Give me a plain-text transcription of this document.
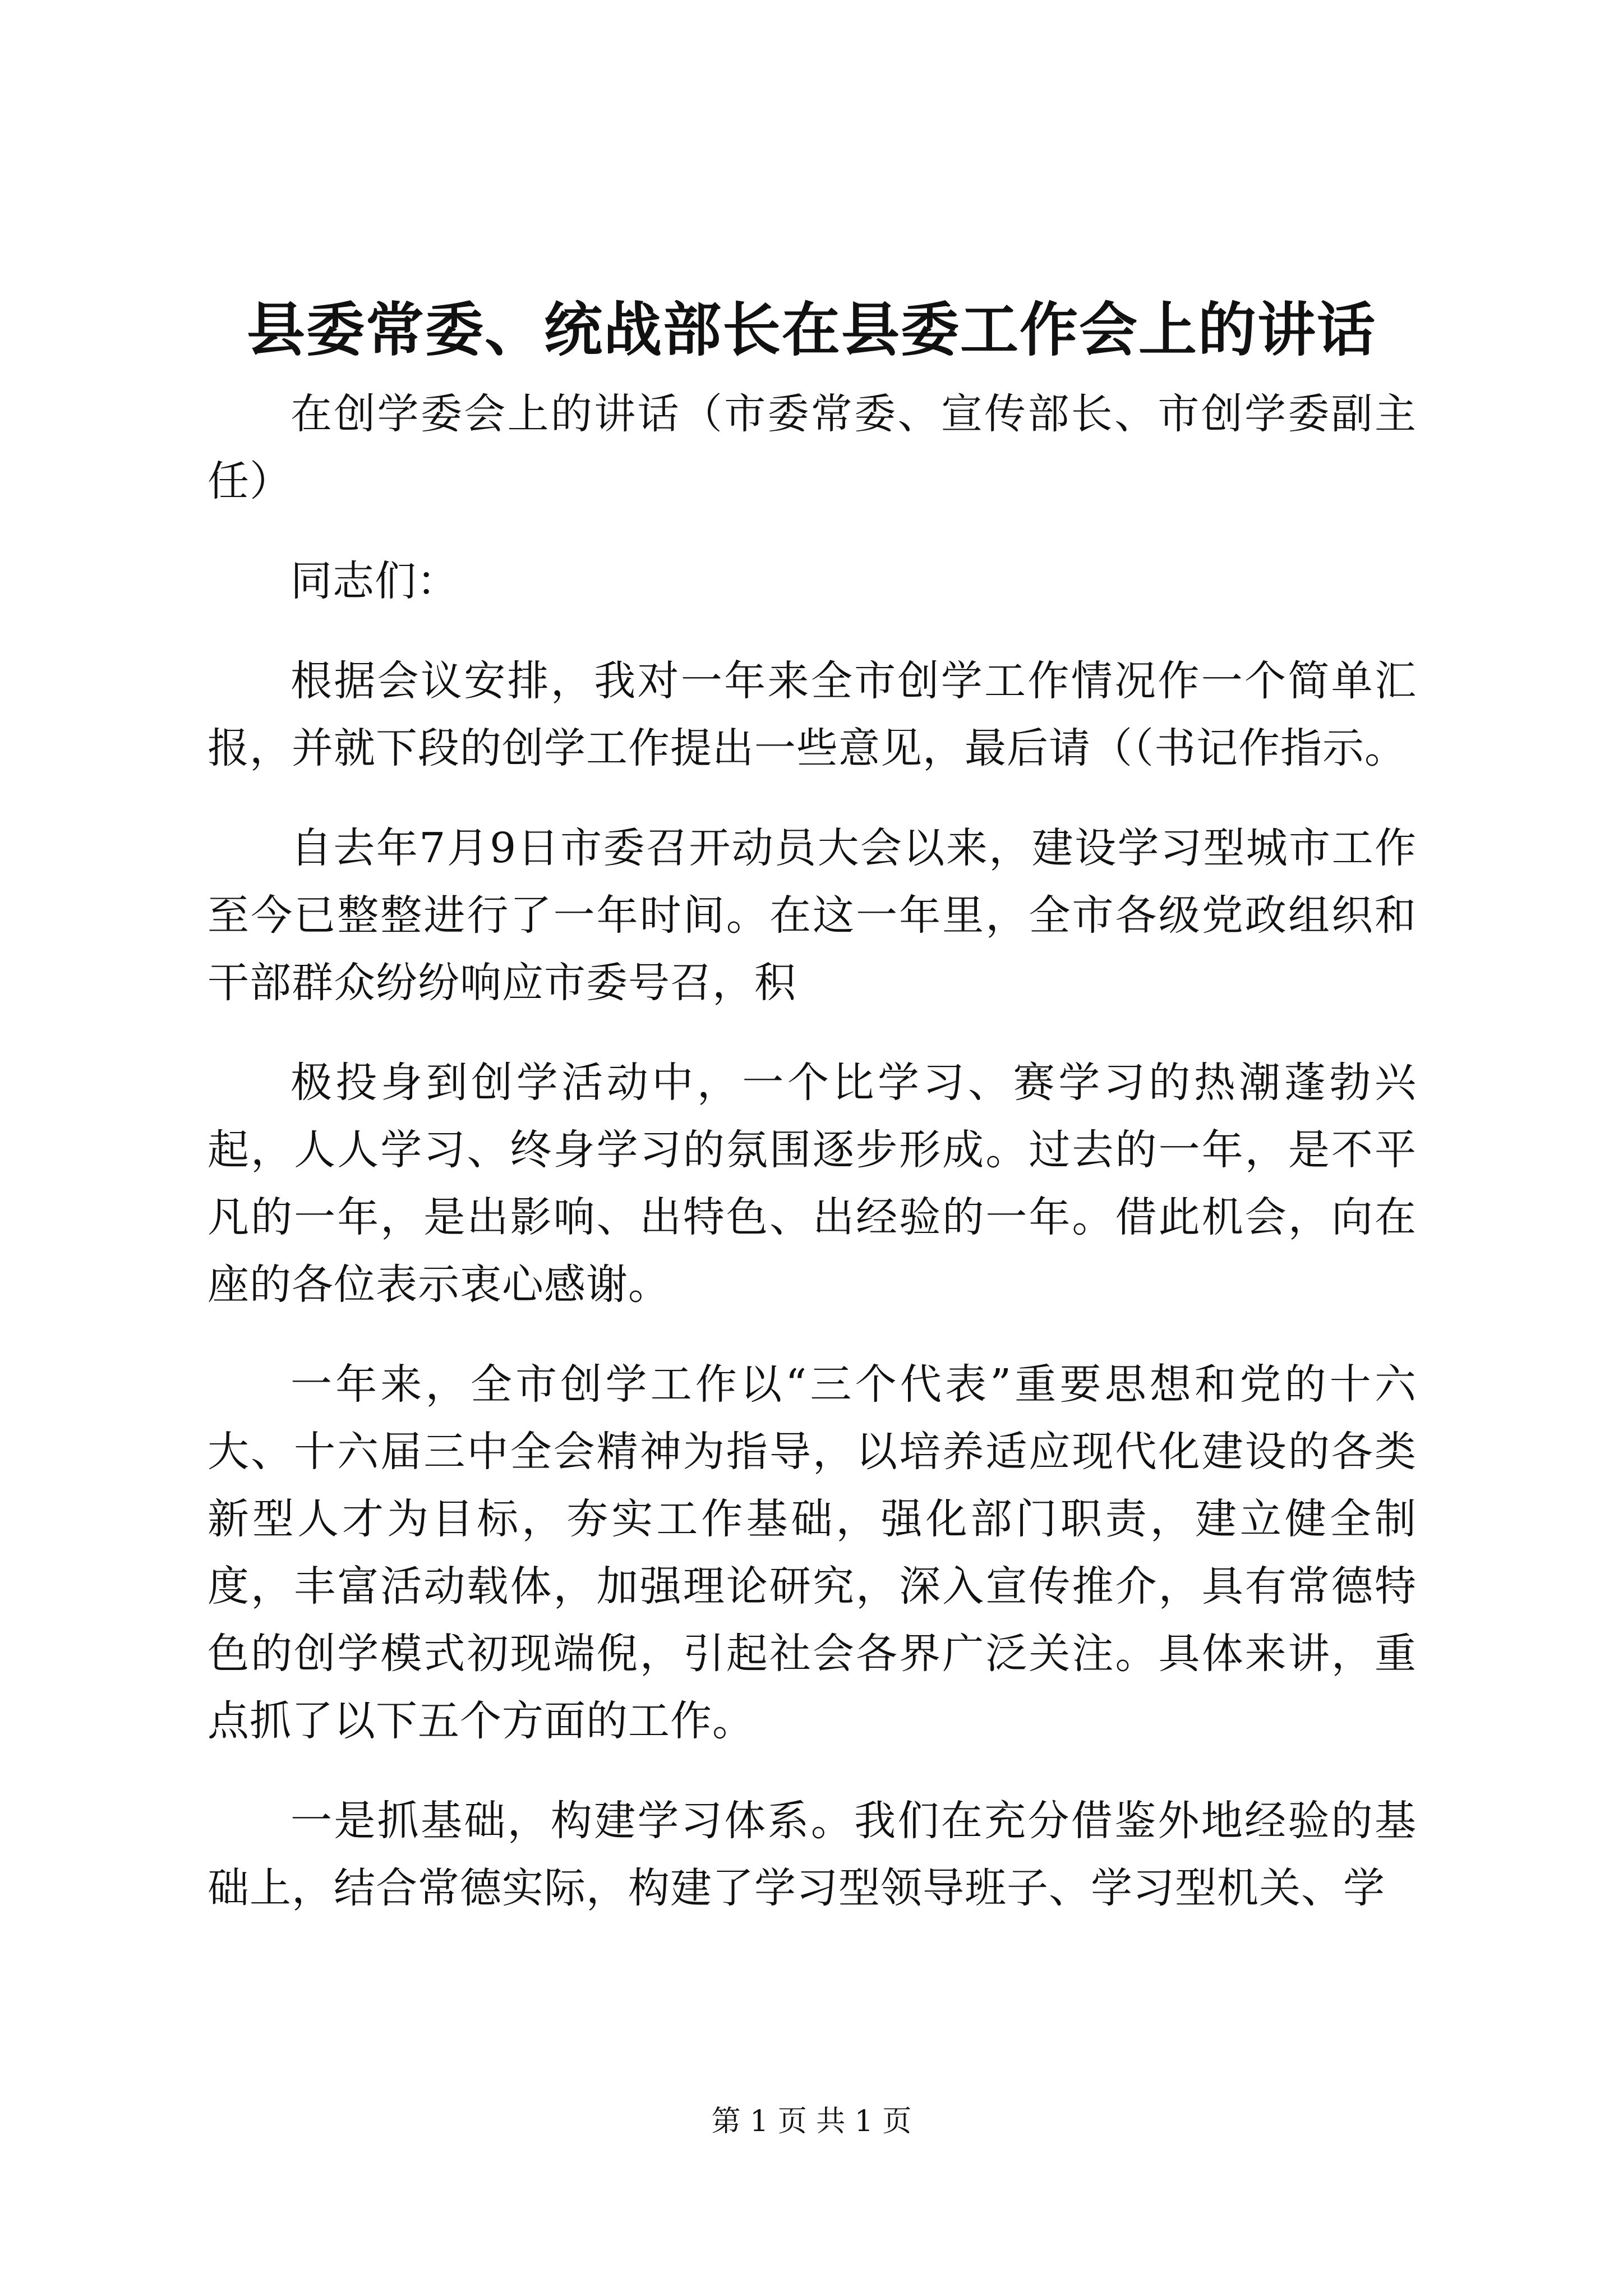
县委常委、统战部长在县委工作会上的讲话

在创学委会上的讲话（市委常委、宣传部长、市创学委副主任）

同志们：

根据会议安排，我对一年来全市创学工作情况作一个简单汇报，并就下段的创学工作提出一些意见，最后请（（书记作指示。

自去年7月9日市委召开动员大会以来，建设学习型城市工作至今已整整进行了一年时间。在这一年里，全市各级党政组织和干部群众纷纷响应市委号召，积

极投身到创学活动中，一个比学习、赛学习的热潮蓬勃兴起，人人学习、终身学习的氛围逐步形成。过去的一年，是不平凡的一年，是出影响、出特色、出经验的一年。借此机会，向在座的各位表示衷心感谢。

一年来，全市创学工作以“三个代表”重要思想和党的十六大、十六届三中全会精神为指导，以培养适应现代化建设的各类新型人才为目标，夯实工作基础，强化部门职责，建立健全制度，丰富活动载体，加强理论研究，深入宣传推介，具有常德特色的创学模式初现端倪，引起社会各界广泛关注。具体来讲，重点抓了以下五个方面的工作。

一是抓基础，构建学习体系。我们在充分借鉴外地经验的基础上，结合常德实际，构建了学习型领导班子、学习型机关、学

第 1 页 共 1 页
